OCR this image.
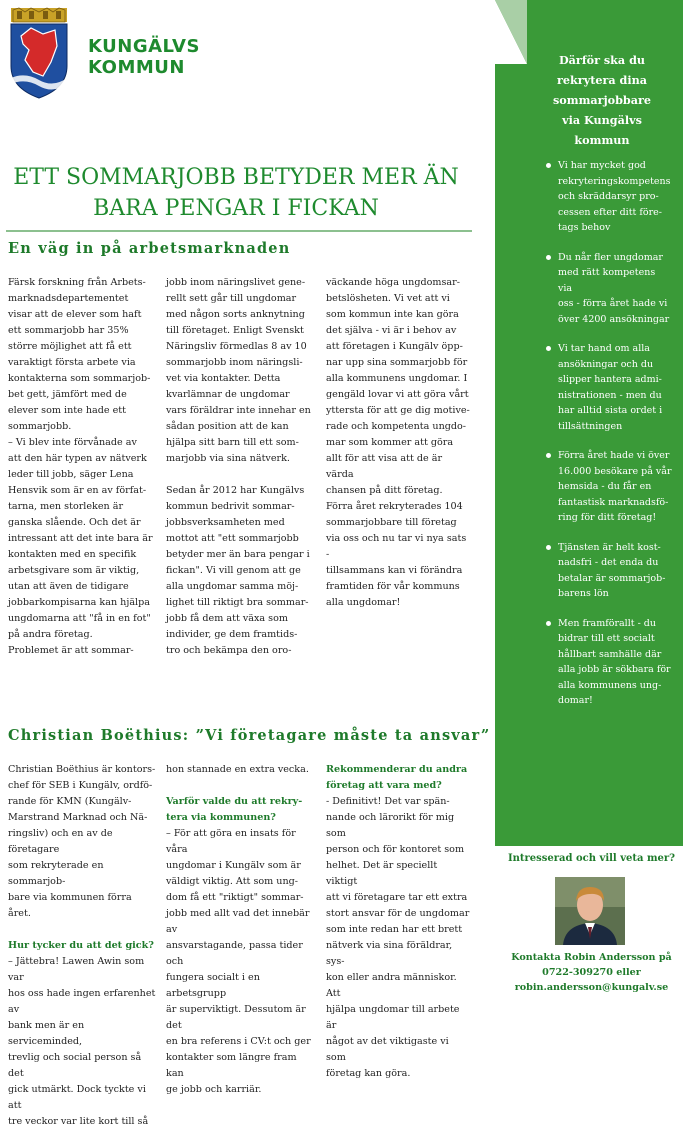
KUNGÄLVS
KOMMUN
ETT SOMMARJOBB BETYDER MER ÄN
BARA PENGAR I FICKAN
En väg in på arbetsmarknaden

Färsk forskning från Arbets-
marknadsdepartementet
visar att de elever som haft
ett sommarjobb har 35%
större möjlighet att få ett
varaktigt första arbete via
kontakterna som sommarjob-
bet gett, jämfört med de
elever som inte hade ett
sommarjobb.
– Vi blev inte förvånade av
att den här typen av nätverk
leder till jobb, säger Lena
Hensvik som är en av förfat-
tarna, men storleken är
ganska slående. Och det är
intressant att det inte bara är
kontakten med en specifik
arbetsgivare som är viktig,
utan att även de tidigare
jobbarkompisarna kan hjälpa
ungdomarna att "få in en fot"
på andra företag.
Problemet är att sommar-

jobb inom näringslivet gene-
rellt sett går till ungdomar
med någon sorts anknytning
till företaget. Enligt Svenskt
Näringsliv förmedlas 8 av 10
sommarjobb inom näringsli-
vet via kontakter. Detta
kvarlämnar de ungdomar
vars föräldrar inte innehar en
sådan position att de kan
hjälpa sitt barn till ett som-
marjobb via sina nätverk.

Sedan år 2012 har Kungälvs
kommun bedrivit sommar-
jobbsverksamheten med
mottot att "ett sommarjobb
betyder mer än bara pengar i
fickan". Vi vill genom att ge
alla ungdomar samma möj-
lighet till riktigt bra sommar-
jobb få dem att växa som
individer, ge dem framtids-
tro och bekämpa den oro-

väckande höga ungdomsar-
betslösheten. Vi vet att vi
som kommun inte kan göra
det själva - vi är i behov av
att företagen i Kungälv öpp-
nar upp sina sommarjobb för
alla kommunens ungdomar. I
gengäld lovar vi att göra vårt
yttersta för att ge dig motive-
rade och kompetenta ungdo-
mar som kommer att göra
allt för att visa att de är värda
chansen på ditt företag.
Förra året rekryterades 104
sommarjobbare till företag
via oss och nu tar vi nya sats -
tillsammans kan vi förändra
framtiden för vår kommuns
alla ungdomar!

Christian Boëthius: ”Vi företagare måste ta ansvar”

Christian Boëthius är kontors-
chef för SEB i Kungälv, ordfö-
rande för KMN (Kungälv-
Marstrand Marknad och Nä-
ringsliv) och en av de företagare
som rekryterade en sommarjob-
bare via kommunen förra året.

Hur tycker du att det gick?

– Jättebra! Lawen Awin som var
hos oss hade ingen erfarenhet av
bank men är en serviceminded,
trevlig och social person så det
gick utmärkt. Dock tyckte vi att
tre veckor var lite kort till så

hon stannade en extra vecka.

Varför valde du att rekry-
tera via kommunen?

– För att göra en insats för våra
ungdomar i Kungälv som är
väldigt viktig. Att som ung-
dom få ett "riktigt" sommar-
jobb med allt vad det innebär av
ansvarstagande, passa tider och
fungera socialt i en arbetsgrupp
är superviktigt. Dessutom är det
en bra referens i CV:t och ger
kontakter som längre fram kan
ge jobb och karriär.

Rekommenderar du andra
företag att vara med?

- Definitivt! Det var spän-
nande och lärorikt för mig som
person och för kontoret som
helhet. Det är speciellt viktigt
att vi företagare tar ett extra
stort ansvar för de ungdomar
som inte redan har ett brett
nätverk via sina föräldrar, sys-
kon eller andra människor. Att
hjälpa ungdomar till arbete är
något av det viktigaste vi som
företag kan göra.

Därför ska du
rekrytera dina
sommarjobbare
via Kungälvs
kommun
Vi har mycket god
rekryteringskompetens
och skräddarsyr pro-
cessen efter ditt före-
tags behov
Du når fler ungdomar
med rätt kompetens via
oss - förra året hade vi
över 4200 ansökningar
Vi tar hand om alla
ansökningar och du
slipper hantera admi-
nistrationen - men du
har alltid sista ordet i
tillsättningen
Förra året hade vi över
16.000 besökare på vår
hemsida - du får en
fantastisk marknadsfö-
ring för ditt företag!
Tjänsten är helt kost-
nadsfri - det enda du
betalar är sommarjob-
barens lön
Men framförallt - du
bidrar till ett socialt
hållbart samhälle där
alla jobb är sökbara för
alla kommunens ung-
domar!
Intresserad och vill veta mer?
Kontakta Robin Andersson på
0722-309270 eller
robin.andersson@kungalv.se
